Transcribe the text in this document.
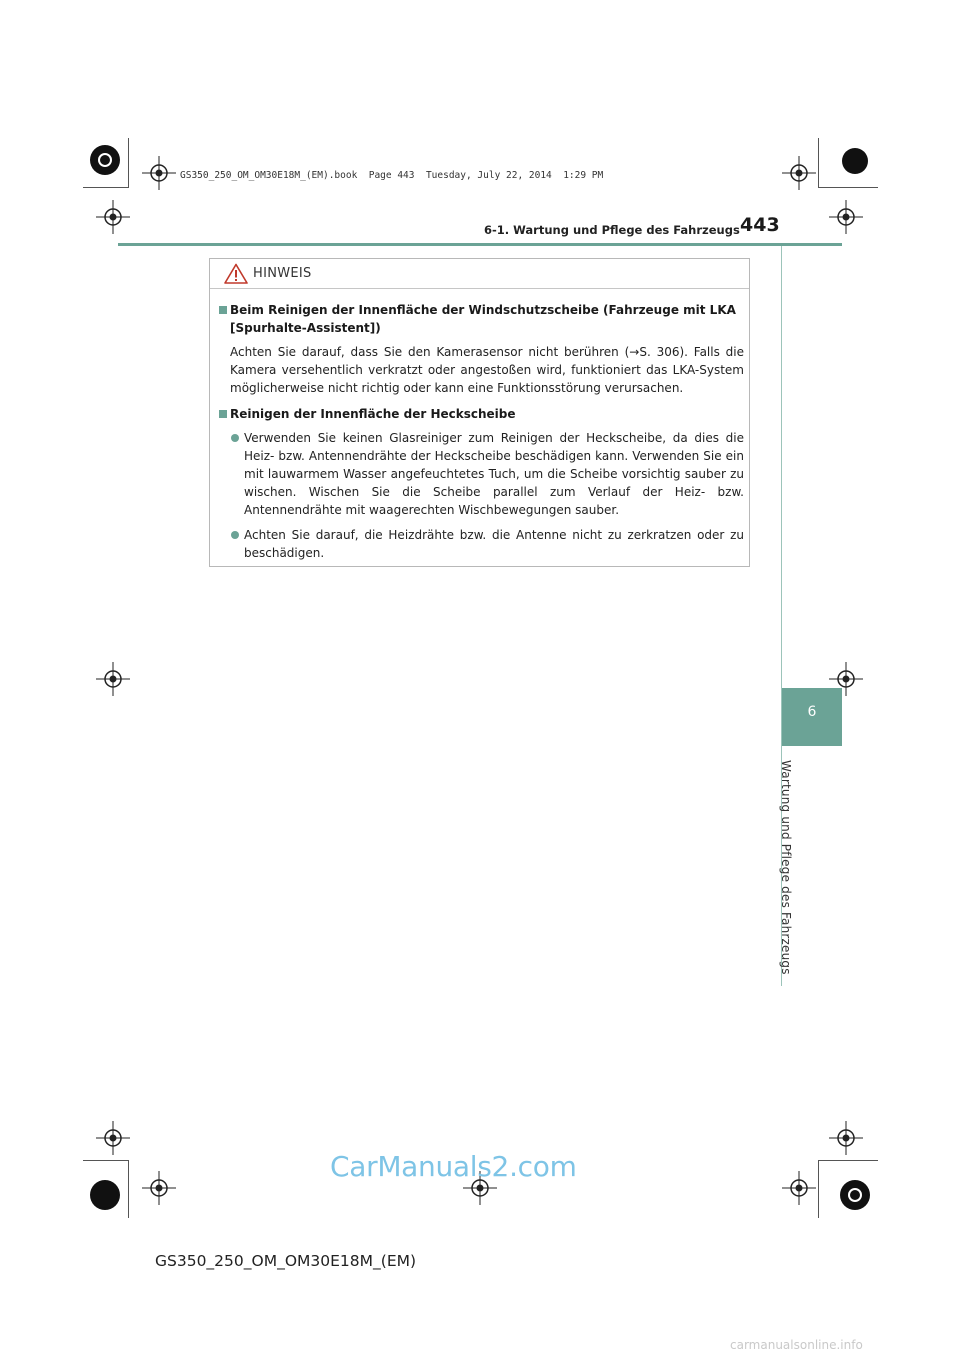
GS350_250_OM_OM30E18M_(EM).book  Page 443  Tuesday, July 22, 2014  1:29 PM
6-1. Wartung und Pflege des Fahrzeugs 443
6
Wartung und Pflege des Fahrzeugs
HINWEIS
Beim Reinigen der Innenfläche der Windschutzscheibe (Fahrzeuge mit LKA [Spurhalte-Assistent])
Achten Sie darauf, dass Sie den Kamerasensor nicht berühren (→S. 306). Falls die Kamera versehentlich verkratzt oder angestoßen wird, funktioniert das LKA-System möglicherweise nicht richtig oder kann eine Funktionsstörung verursachen.
Reinigen der Innenfläche der Heckscheibe
Verwenden Sie keinen Glasreiniger zum Reinigen der Heckscheibe, da dies die Heiz- bzw. Antennendrähte der Heckscheibe beschädigen kann. Verwenden Sie ein mit lauwarmem Wasser angefeuchtetes Tuch, um die Scheibe vorsichtig sauber zu wischen. Wischen Sie die Scheibe parallel zum Verlauf der Heiz- bzw. Antennendrähte mit waagerechten Wischbewegungen sauber.
Achten Sie darauf, die Heizdrähte bzw. die Antenne nicht zu zerkratzen oder zu beschädigen.
CarManuals2.com
GS350_250_OM_OM30E18M_(EM)
carmanualsonline.info
